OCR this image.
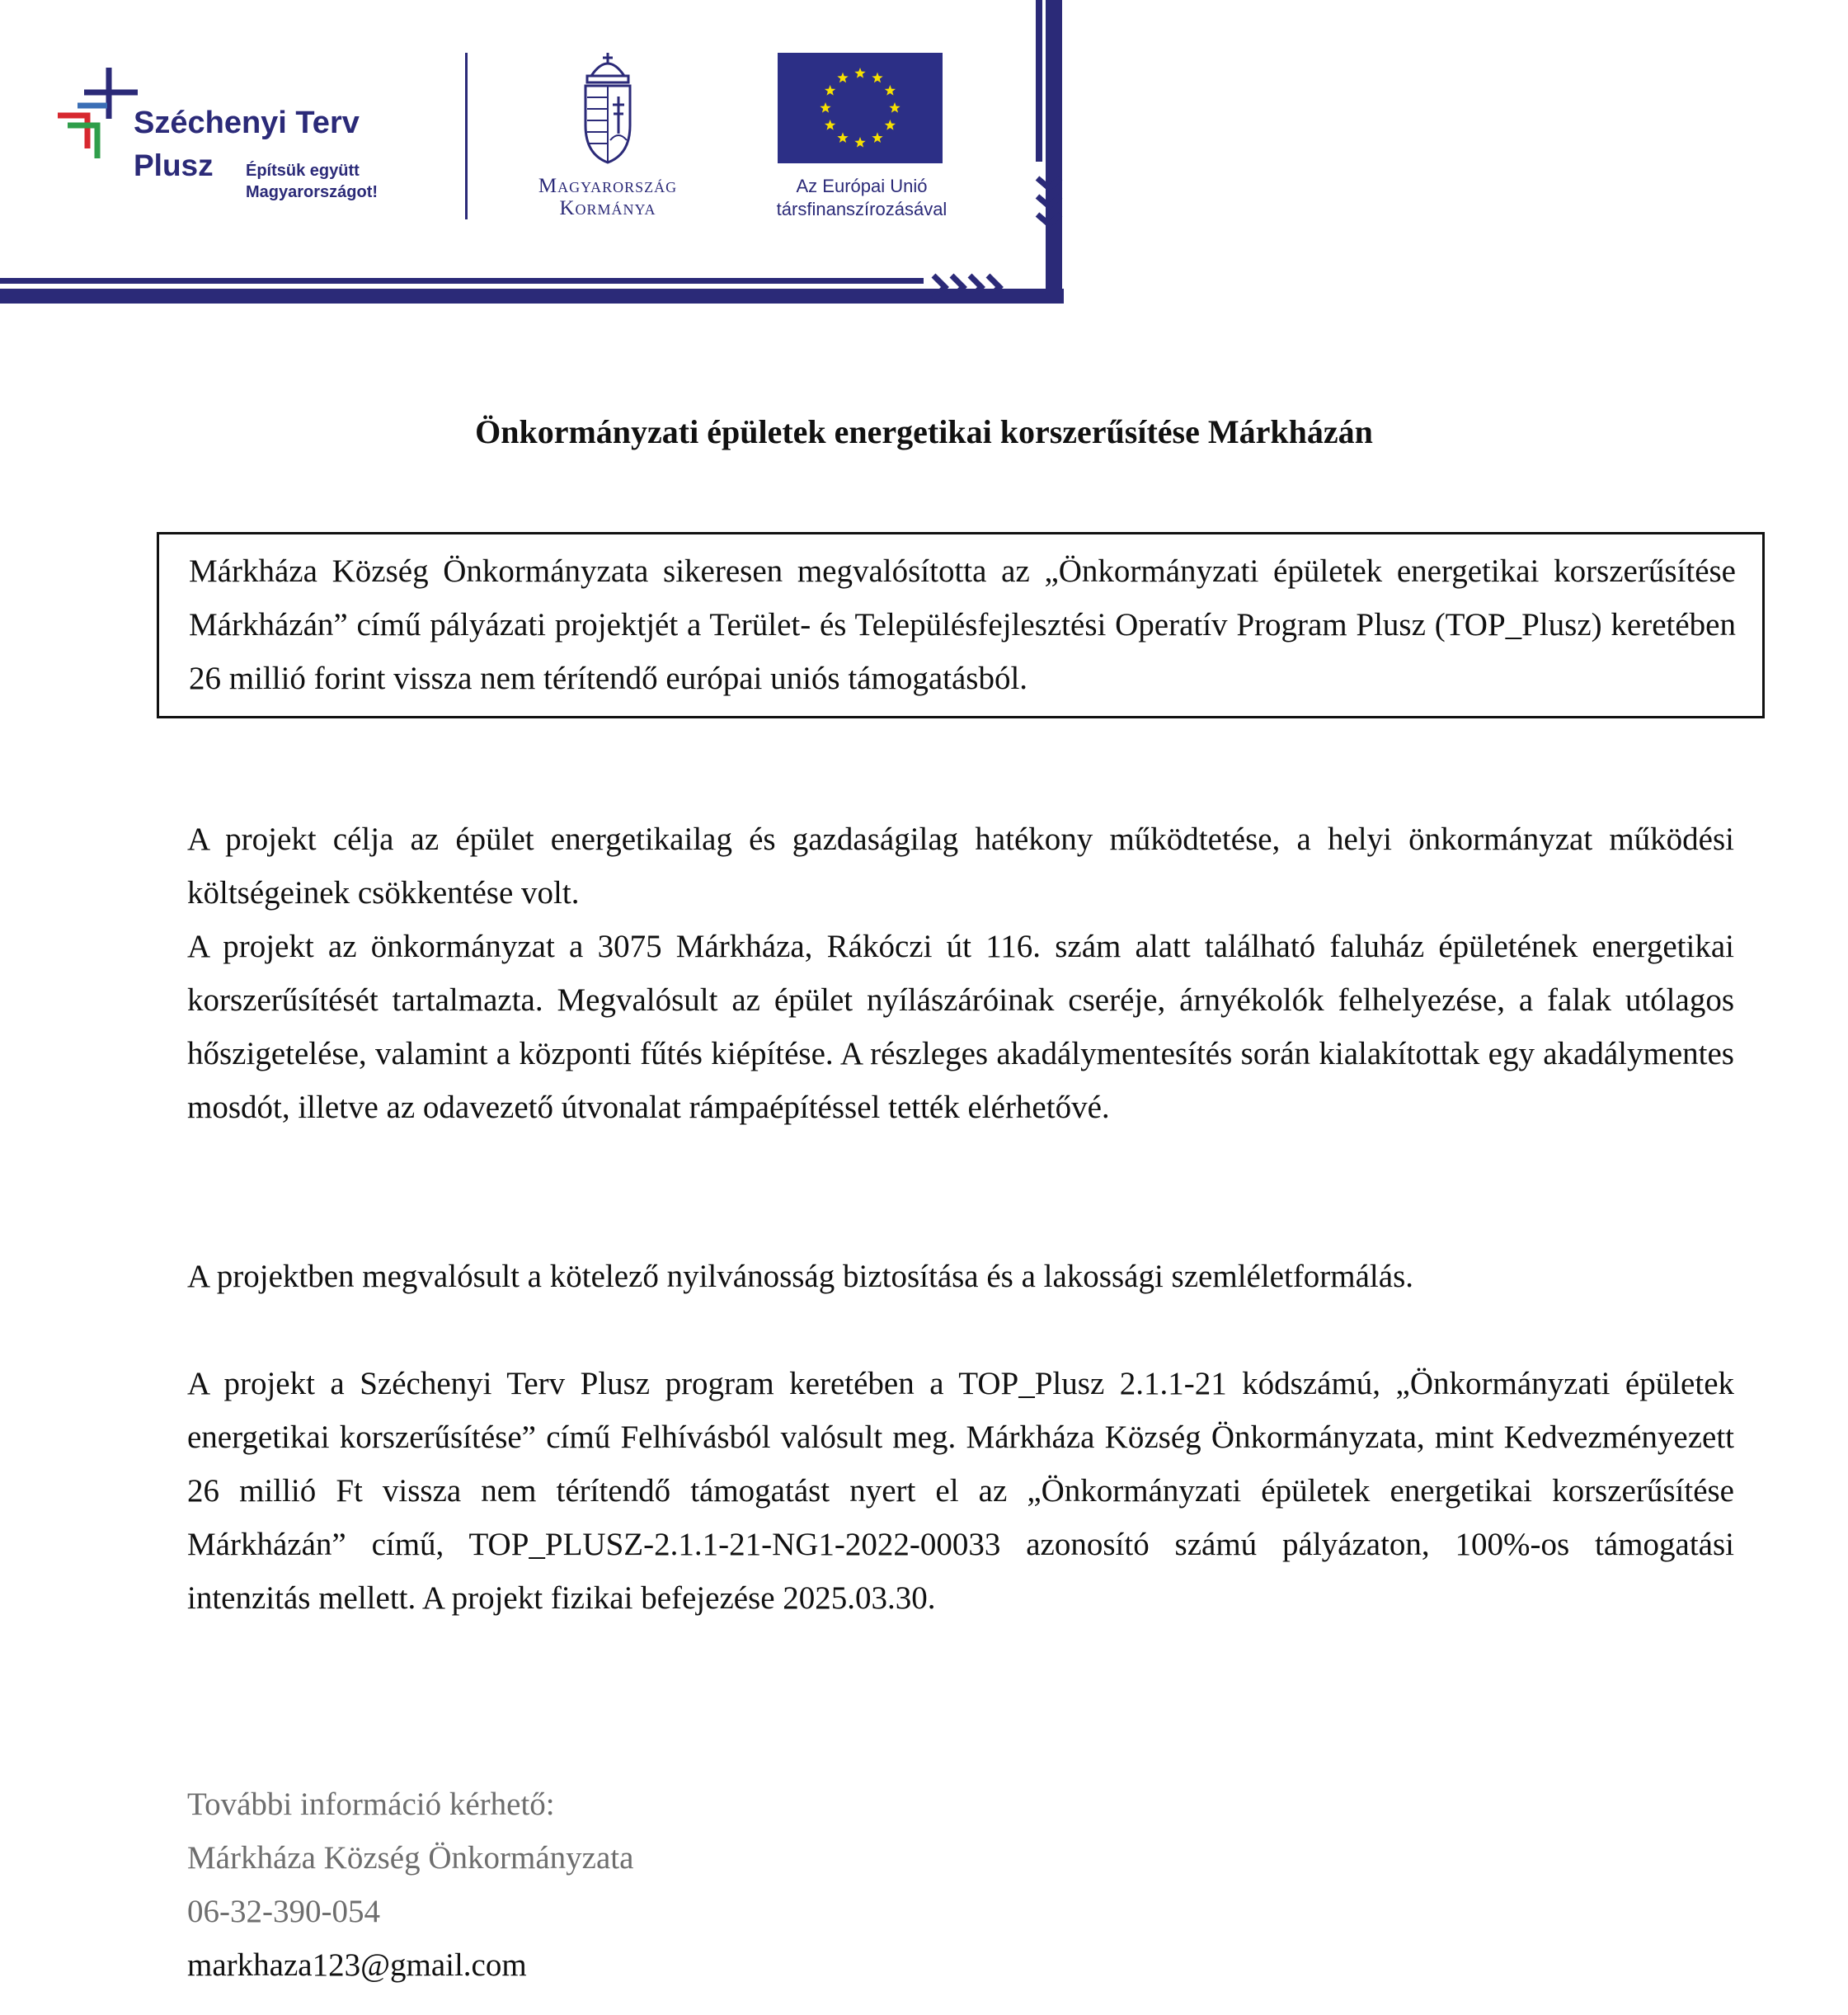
Széchenyi Terv
Plusz Építsük együtt Magyarországot!	Magyarország
Kormánya
Az Európai Unió
társfinanszírozásával
Önkormányzati épületek energetikai korszerűsítése Márkházán
Márkháza Község Önkormányzata sikeresen megvalósította az „Önkormányzati épületek energetikai korszerűsítése Márkházán” című pályázati projektjét a Terület- és Településfejlesztési Operatív Program Plusz (TOP_Plusz) keretében 26 millió forint vissza nem térítendő európai uniós támogatásból.

A projekt célja az épület energetikailag és gazdaságilag hatékony működtetése, a helyi önkormányzat működési költségeinek csökkentése volt.

A projekt az önkormányzat a 3075 Márkháza, Rákóczi út 116. szám alatt található faluház épületének energetikai korszerűsítését tartalmazta. Megvalósult az épület nyílászáróinak cseréje, árnyékolók felhelyezése, a falak utólagos hőszigetelése, valamint a központi fűtés kiépítése. A részleges akadálymentesítés során kialakítottak egy akadálymentes mosdót, illetve az odavezető útvonalat rámpaépítéssel tették elérhetővé.

A projektben megvalósult a kötelező nyilvánosság biztosítása és a lakossági szemléletformálás.

A projekt a Széchenyi Terv Plusz program keretében a TOP_Plusz 2.1.1-21 kódszámú, „Önkormányzati épületek energetikai korszerűsítése” című Felhívásból valósult meg. Márkháza Község Önkormányzata, mint Kedvezményezett 26 millió Ft vissza nem térítendő támogatást nyert el az „Önkormányzati épületek energetikai korszerűsítése Márkházán” című, TOP_PLUSZ-2.1.1-21-NG1-2022-00033 azonosító számú pályázaton, 100%-os támogatási intenzitás mellett. A projekt fizikai befejezése 2025.03.30.

További információ kérhető:
Márkháza Község Önkormányzata
06-32-390-054
markhaza123@gmail.com
